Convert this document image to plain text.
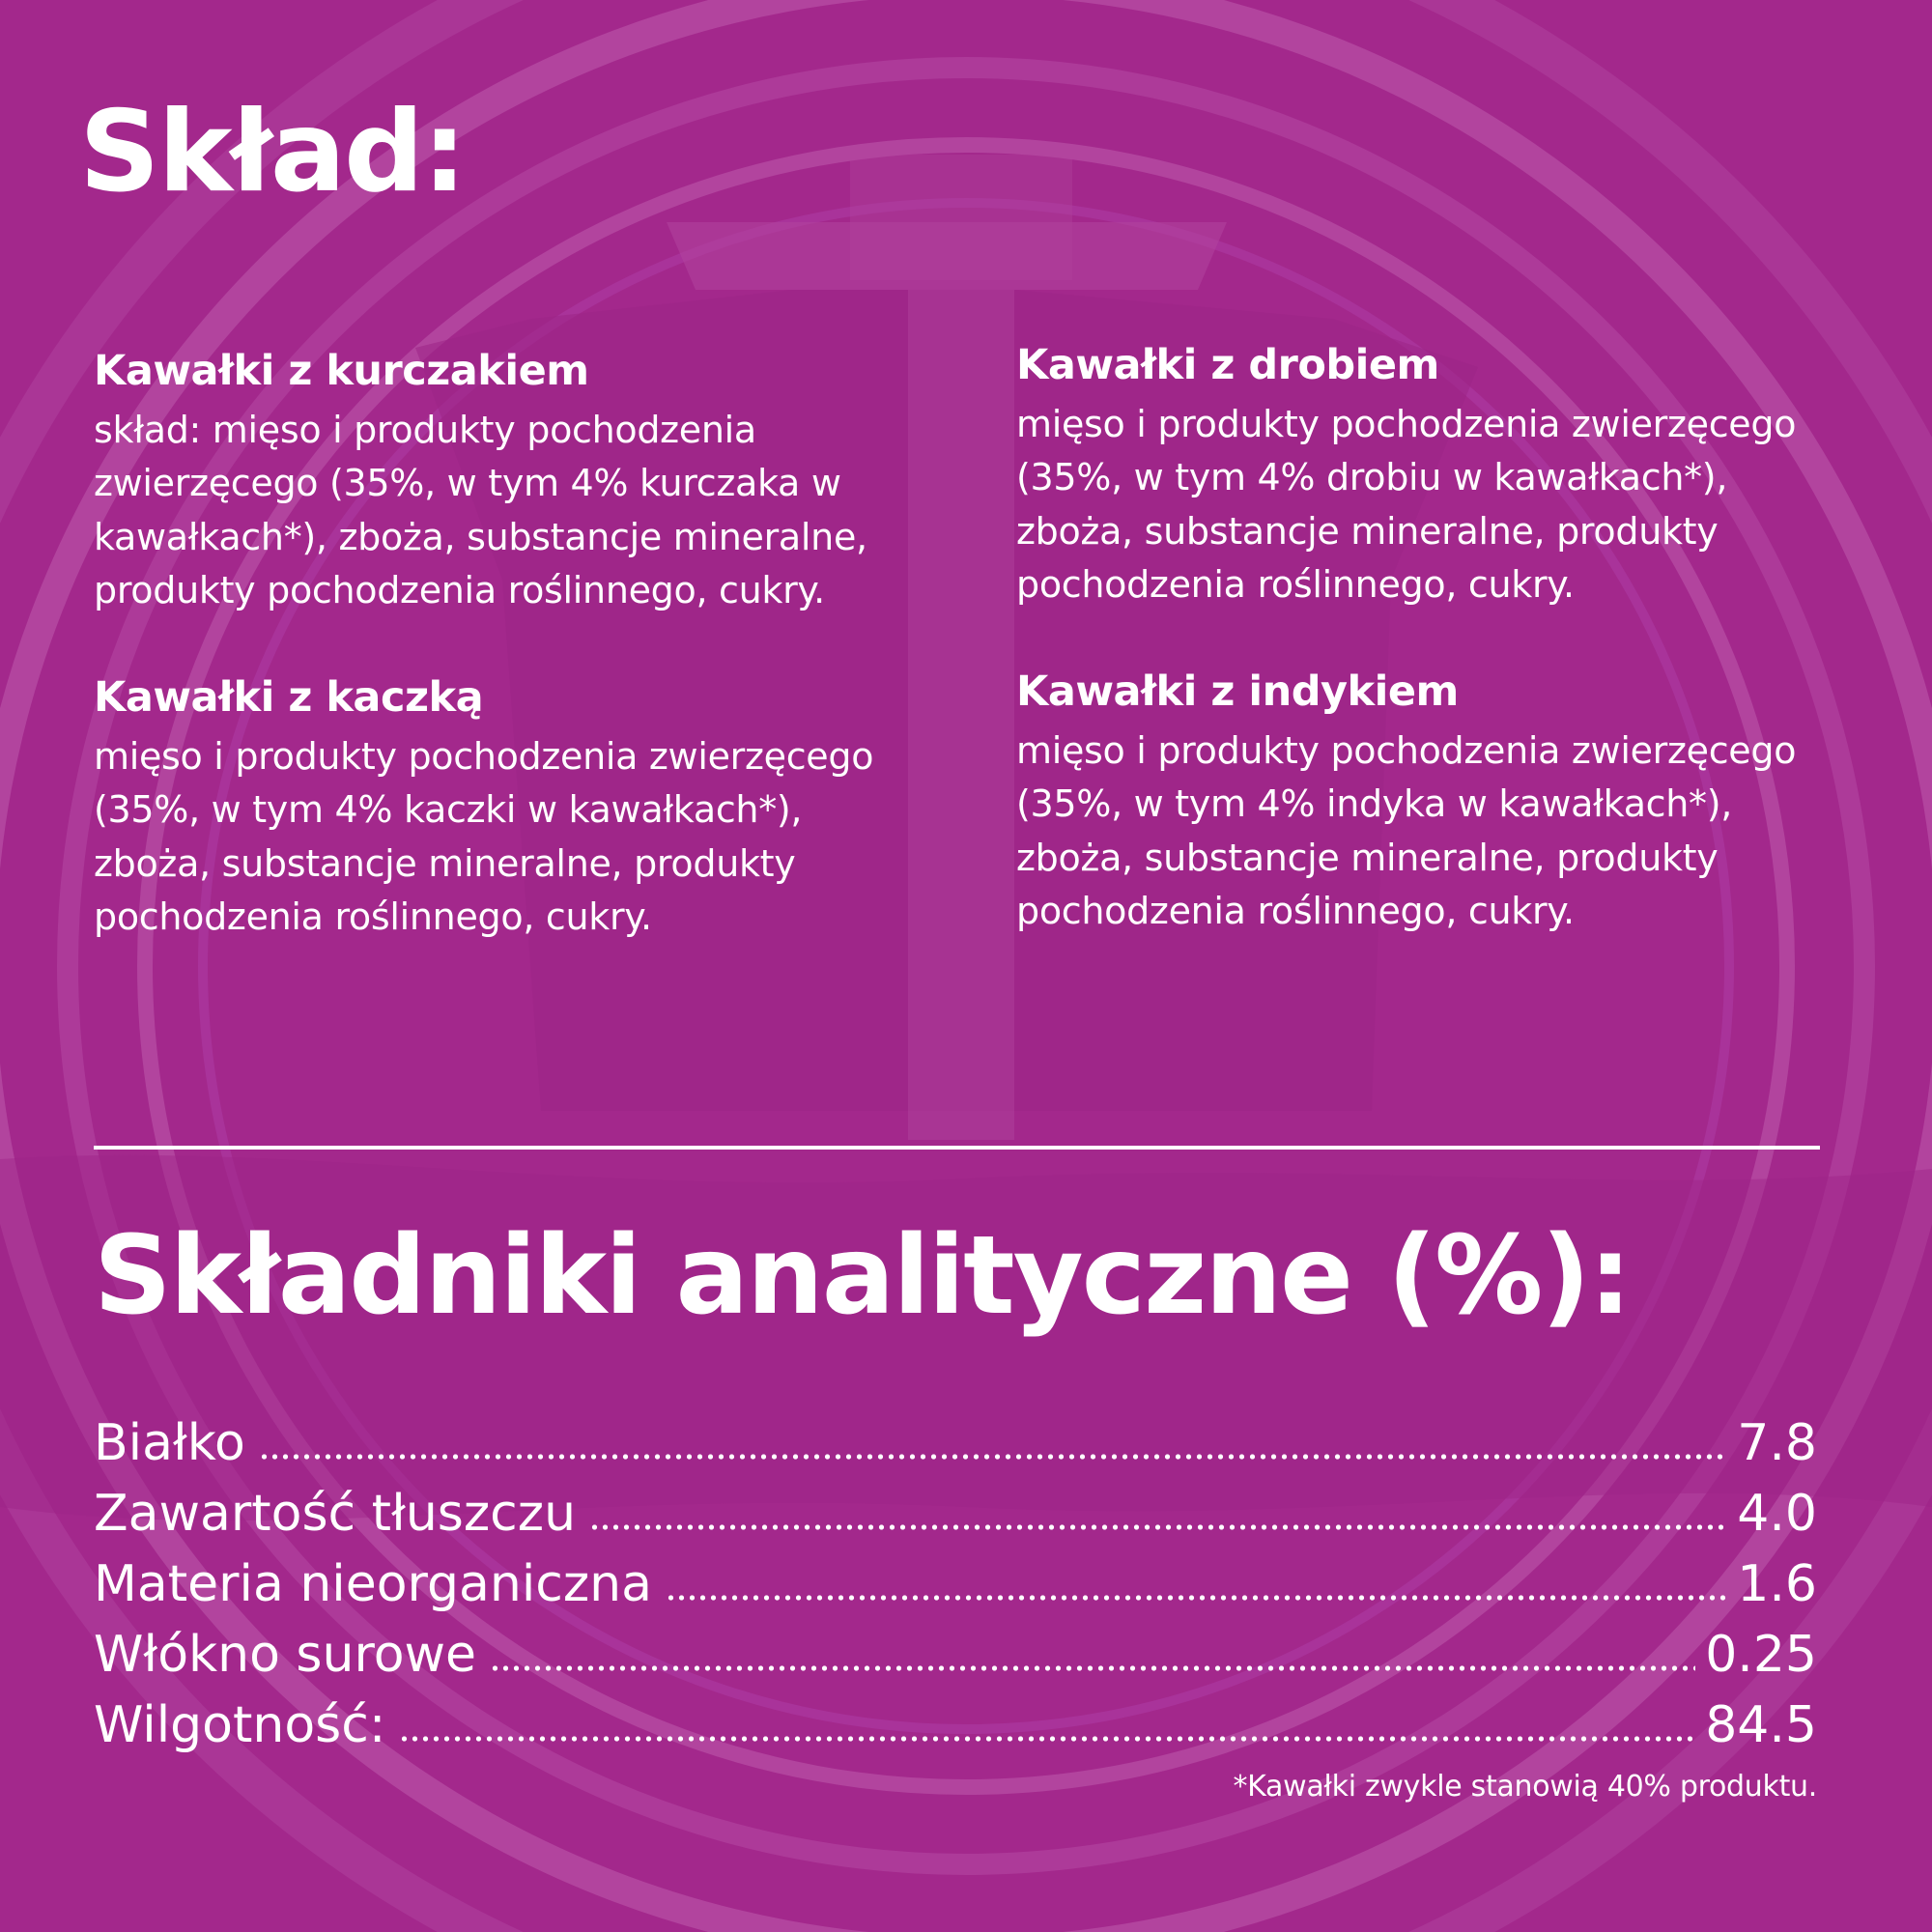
Skład:
Kawałki z kurczakiem

skład: mięso i produkty pochodzenia
zwierzęcego (35%, w tym 4% kurczaka w
kawałkach*), zboża, substancje mineralne,
produkty pochodzenia roślinnego, cukry.

Kawałki z kaczką

mięso i produkty pochodzenia zwierzęcego
(35%, w tym 4% kaczki w kawałkach*),
zboża, substancje mineralne, produkty
pochodzenia roślinnego, cukry.

Kawałki z drobiem

mięso i produkty pochodzenia zwierzęcego
(35%, w tym 4% drobiu w kawałkach*),
zboża, substancje mineralne, produkty
pochodzenia roślinnego, cukry.

Kawałki z indykiem

mięso i produkty pochodzenia zwierzęcego
(35%, w tym 4% indyka w kawałkach*),
zboża, substancje mineralne, produkty
pochodzenia roślinnego, cukry.

Składniki analityczne (%):
Białko	7.8
Zawartość tłuszczu	4.0
Materia nieorganiczna	1.6
Włókno surowe	0.25
Wilgotność:	84.5

*Kawałki zwykle stanowią 40% produktu.
